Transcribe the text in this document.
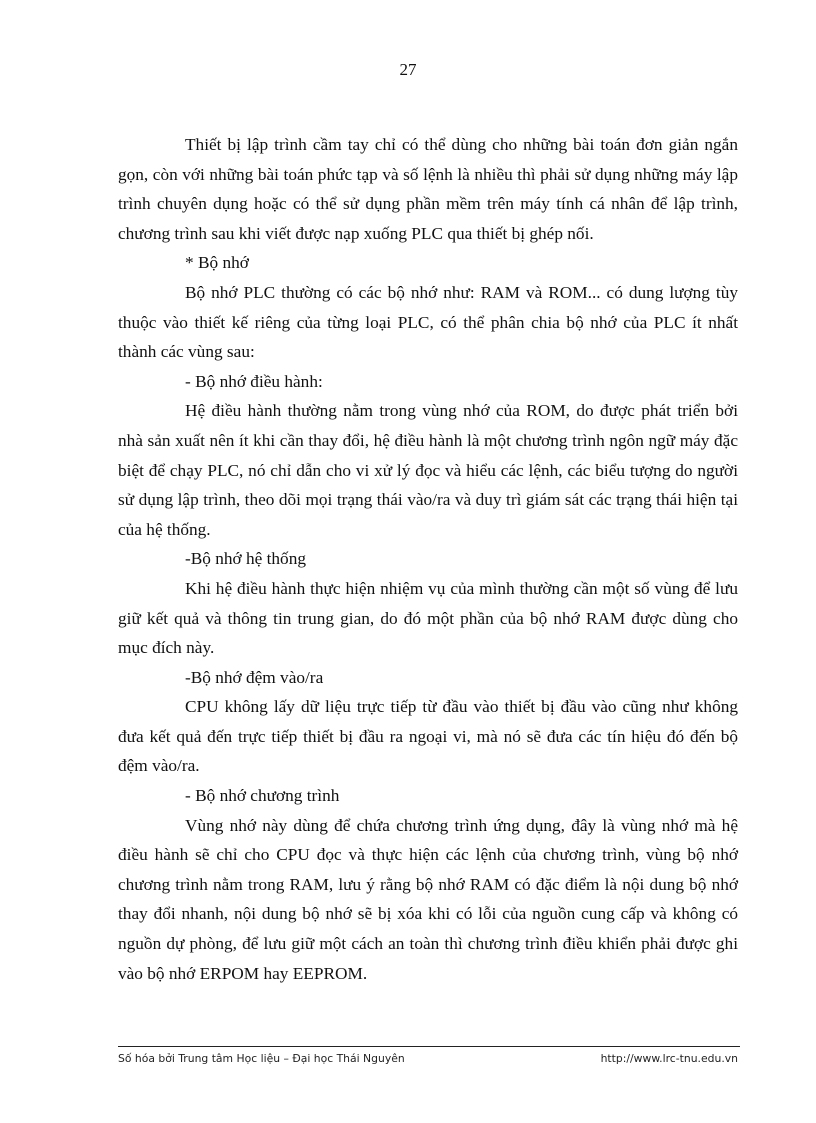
27

Thiết bị lập trình cầm tay chỉ có thể dùng cho những bài toán đơn giản ngắn gọn, còn với những bài toán phức tạp và số lệnh là nhiều thì phải sử dụng những máy lập trình chuyên dụng hoặc có thể sử dụng phần mềm trên máy tính cá nhân để lập trình, chương trình sau khi viết được nạp xuống PLC qua thiết bị ghép nối.

* Bộ nhớ

Bộ nhớ PLC thường có các bộ nhớ như: RAM và ROM... có dung lượng tùy thuộc vào thiết kế riêng của từng loại PLC, có thể phân chia bộ nhớ của PLC ít nhất thành các vùng sau:

- Bộ nhớ điều hành:

Hệ điều hành thường nằm trong vùng nhớ của ROM, do được phát triển bởi nhà sản xuất nên ít khi cần thay đổi, hệ điều hành là một chương trình ngôn ngữ máy đặc biệt để chạy PLC, nó chỉ dẫn cho vi xử lý đọc và hiểu các lệnh, các biểu tượng do người sử dụng lập trình, theo dõi mọi trạng thái vào/ra và duy trì giám sát các trạng thái hiện tại của hệ thống.

-Bộ nhớ hệ thống

Khi hệ điều hành thực hiện nhiệm vụ của mình thường cần một số vùng để lưu giữ kết quả và thông tin trung gian, do đó một phần của bộ nhớ RAM được dùng cho mục đích này.

-Bộ nhớ đệm vào/ra

CPU không lấy dữ liệu trực tiếp từ đầu vào thiết bị đầu vào cũng như không đưa kết quả đến trực tiếp thiết bị đầu ra ngoại vi, mà nó sẽ đưa các tín hiệu đó đến bộ đệm vào/ra.

- Bộ nhớ chương trình

Vùng nhớ này dùng để chứa chương trình ứng dụng, đây là vùng nhớ mà hệ điều hành sẽ chỉ cho CPU đọc và thực hiện các lệnh của chương trình, vùng bộ nhớ chương trình nằm trong RAM, lưu ý rằng bộ nhớ RAM có đặc điểm là nội dung bộ nhớ thay đổi nhanh, nội dung bộ nhớ sẽ bị xóa khi có lỗi của nguồn cung cấp và không có nguồn dự phòng, để lưu giữ một cách an toàn thì chương trình điều khiển phải được ghi vào bộ nhớ ERPOM hay EEPROM.

Số hóa bởi Trung tâm Học liệu – Đại học Thái Nguyên	http://www.lrc-tnu.edu.vn
